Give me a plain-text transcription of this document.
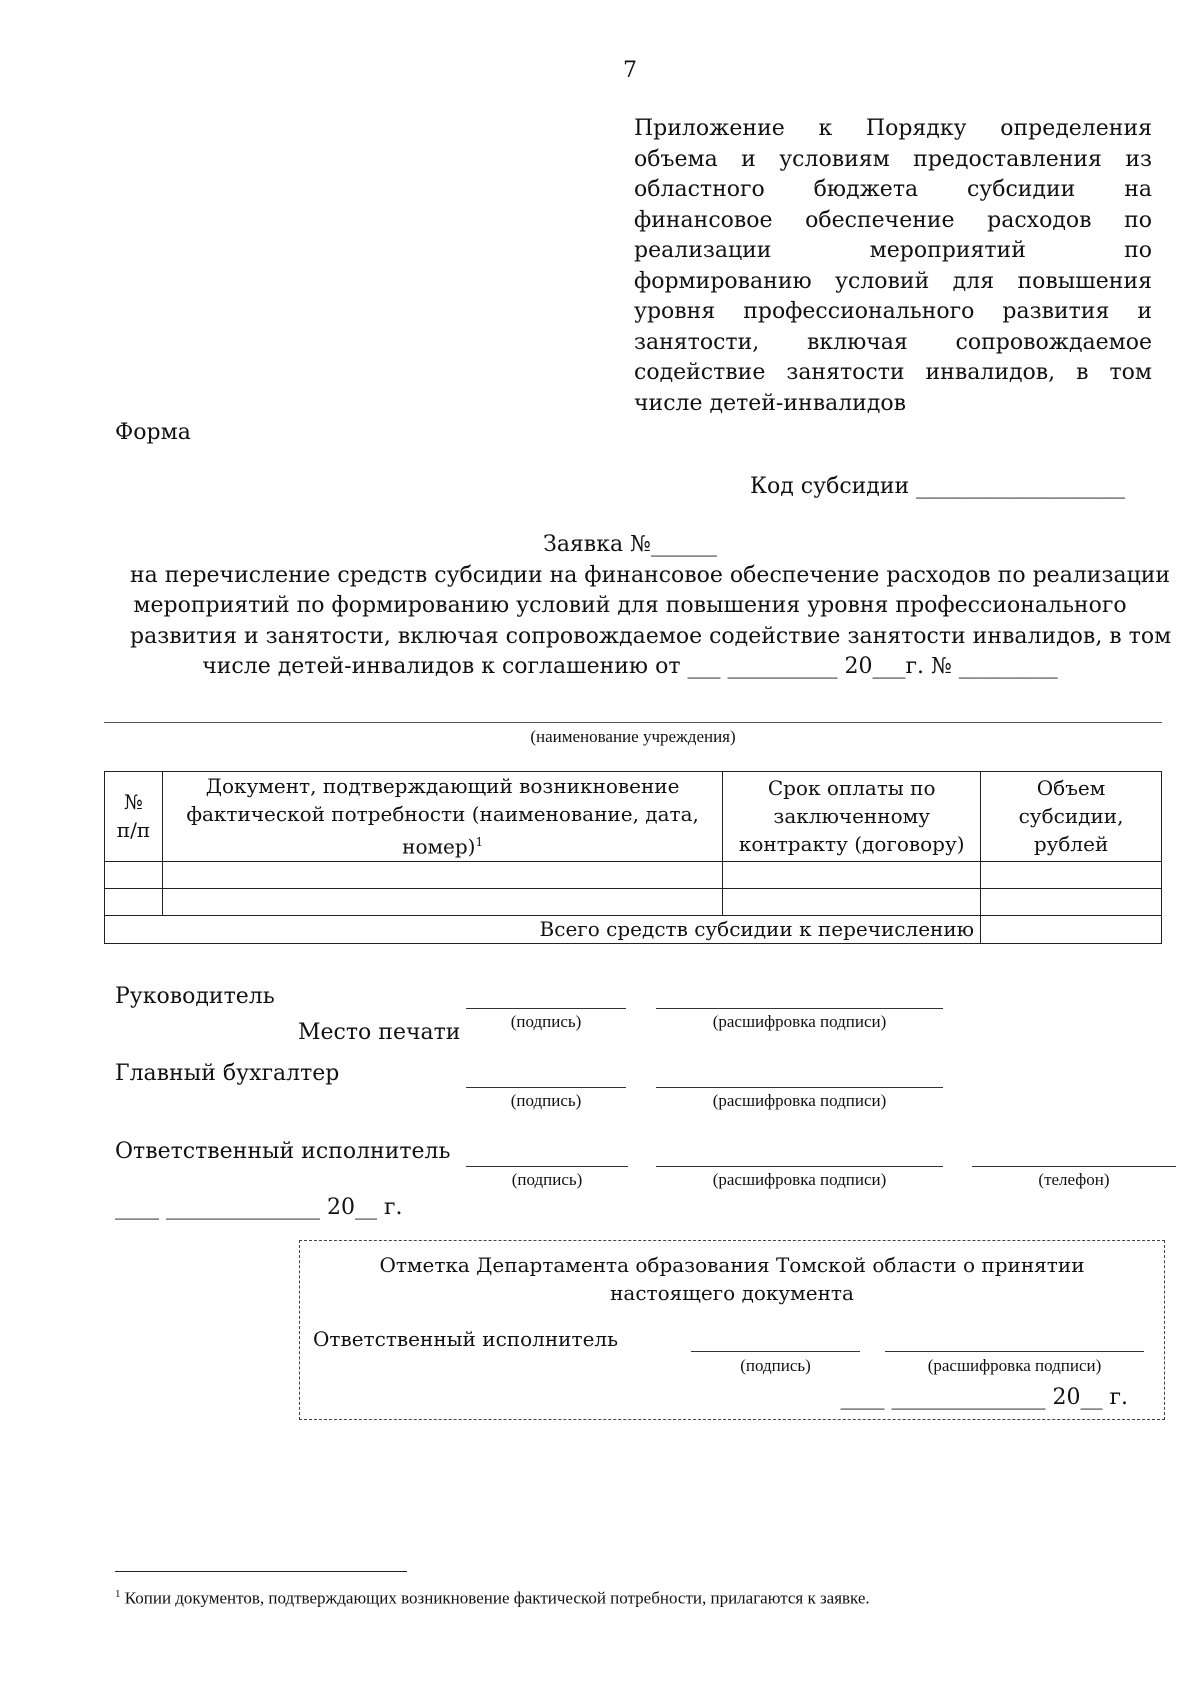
7
Приложение к Порядку определения объема и условиям предоставления из областного бюджета субсидии на финансовое обеспечение расходов по реализации мероприятий по формированию условий для повышения уровня профессионального развития и занятости, включая сопровождаемое содействие занятости инвалидов, в том числе детей-инвалидов
Форма
Код субсидии ___________________
Заявка №______
на перечисление средств субсидии на финансовое обеспечение расходов по реализации
мероприятий по формированию условий для повышения уровня профессионального
развития и занятости, включая сопровождаемое содействие занятости инвалидов, в том
числе детей-инвалидов к соглашению от ___ __________ 20___г. № _________
(наименование учреждения)
№ п/п	Документ, подтверждающий возникновение фактической потребности (наименование, дата, номер)$^1$	Срок оплаты по заключенному контракту (договору)	Объем субсидии, рублей

Всего средств субсидии к перечислению			
Руководитель
Место печати	(подпись)	(расшифровка подписи)
Главный бухгалтер
(подпись)	(расшифровка подписи)
Ответственный исполнитель
(подпись)	(расшифровка подписи)	(телефон)
____ ______________ 20__ г.
Отметка Департамента образования Томской области о принятии настоящего документа
Ответственный исполнитель
(подпись)	(расшифровка подписи)
____ ______________ 20__ г.
$^1$ Копии документов, подтверждающих возникновение фактической потребности, прилагаются к заявке.
